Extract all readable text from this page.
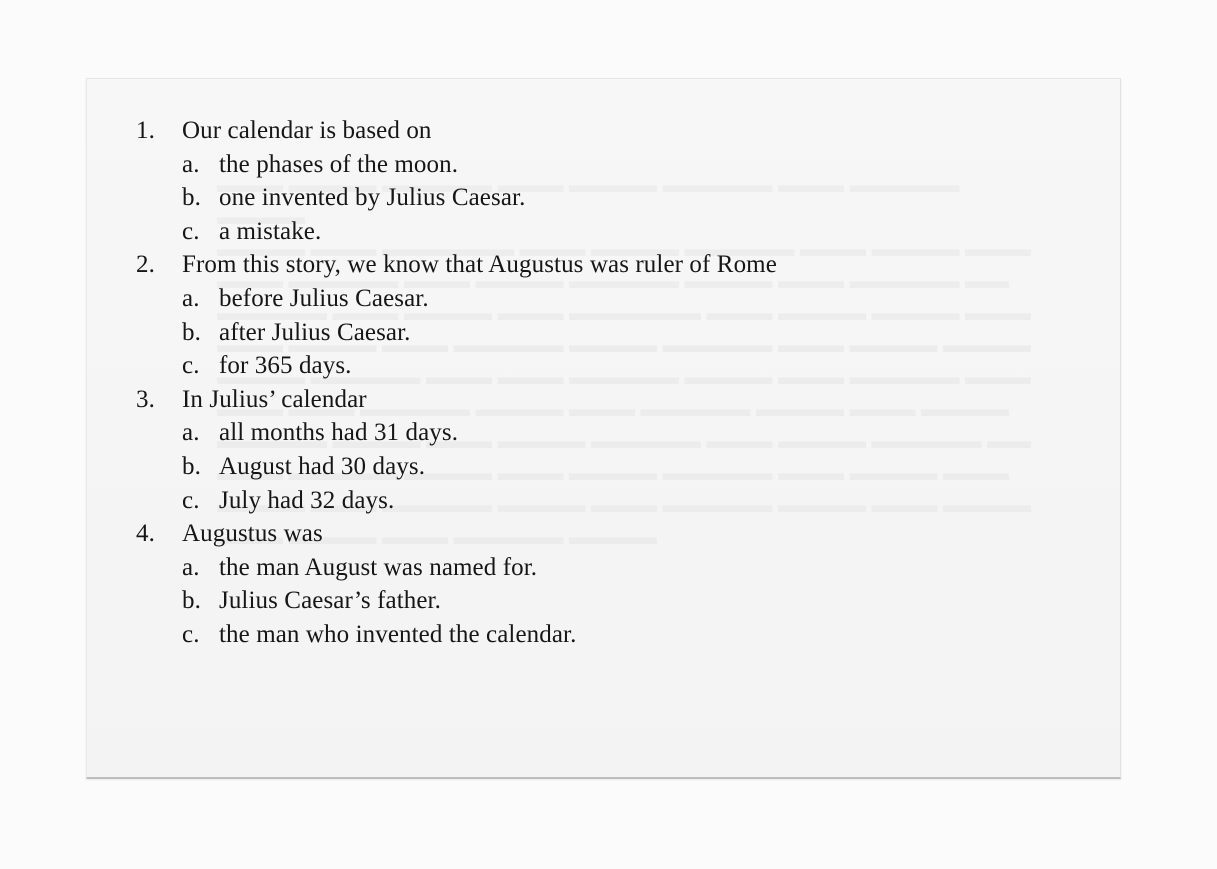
1. Our calendar is based on
a. the phases of the moon.
b. one invented by Julius Caesar.
c. a mistake.
2. From this story, we know that Augustus was ruler of Rome
a. before Julius Caesar.
b. after Julius Caesar.
c. for 365 days.
3. In Julius’ calendar
a. all months had 31 days.
b. August had 30 days.
c. July had 32 days.
4. Augustus was
a. the man August was named for.
b. Julius Caesar’s father.
c. the man who invented the calendar.
